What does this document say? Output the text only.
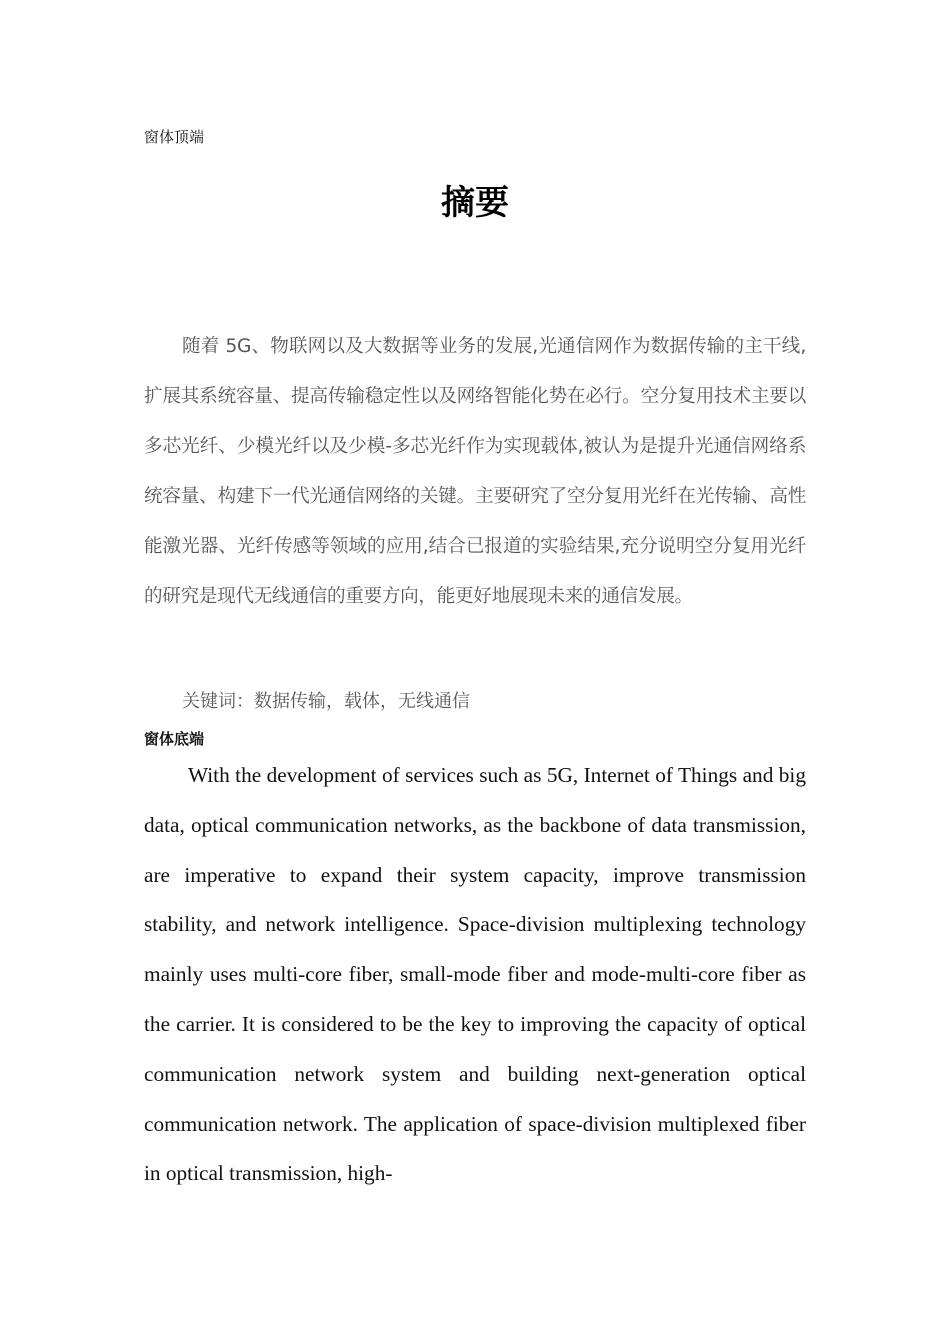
窗体顶端
摘要

随着 5G、物联网以及大数据等业务的发展,光通信网作为数据传输的主干线,扩展其系统容量、提高传输稳定性以及网络智能化势在必行。空分复用技术主要以多芯光纤、少模光纤以及少模-多芯光纤作为实现载体,被认为是提升光通信网络系统容量、构建下一代光通信网络的关键。主要研究了空分复用光纤在光传输、高性能激光器、光纤传感等领域的应用,结合已报道的实验结果,充分说明空分复用光纤的研究是现代无线通信的重要方向，能更好地展现未来的通信发展。

关键词：数据传输，载体，无线通信

窗体底端

With the development of services such as 5G, Internet of Things and big data, optical communication networks, as the backbone of data transmission, are imperative to expand their system capacity, improve transmission stability, and network intelligence. Space-division multiplexing technology mainly uses multi-core fiber, small-mode fiber and mode-multi-core fiber as the carrier. It is considered to be the key to improving the capacity of optical communication network system and building next-generation optical communication network. The application of space-division multiplexed fiber in optical transmission, high-
